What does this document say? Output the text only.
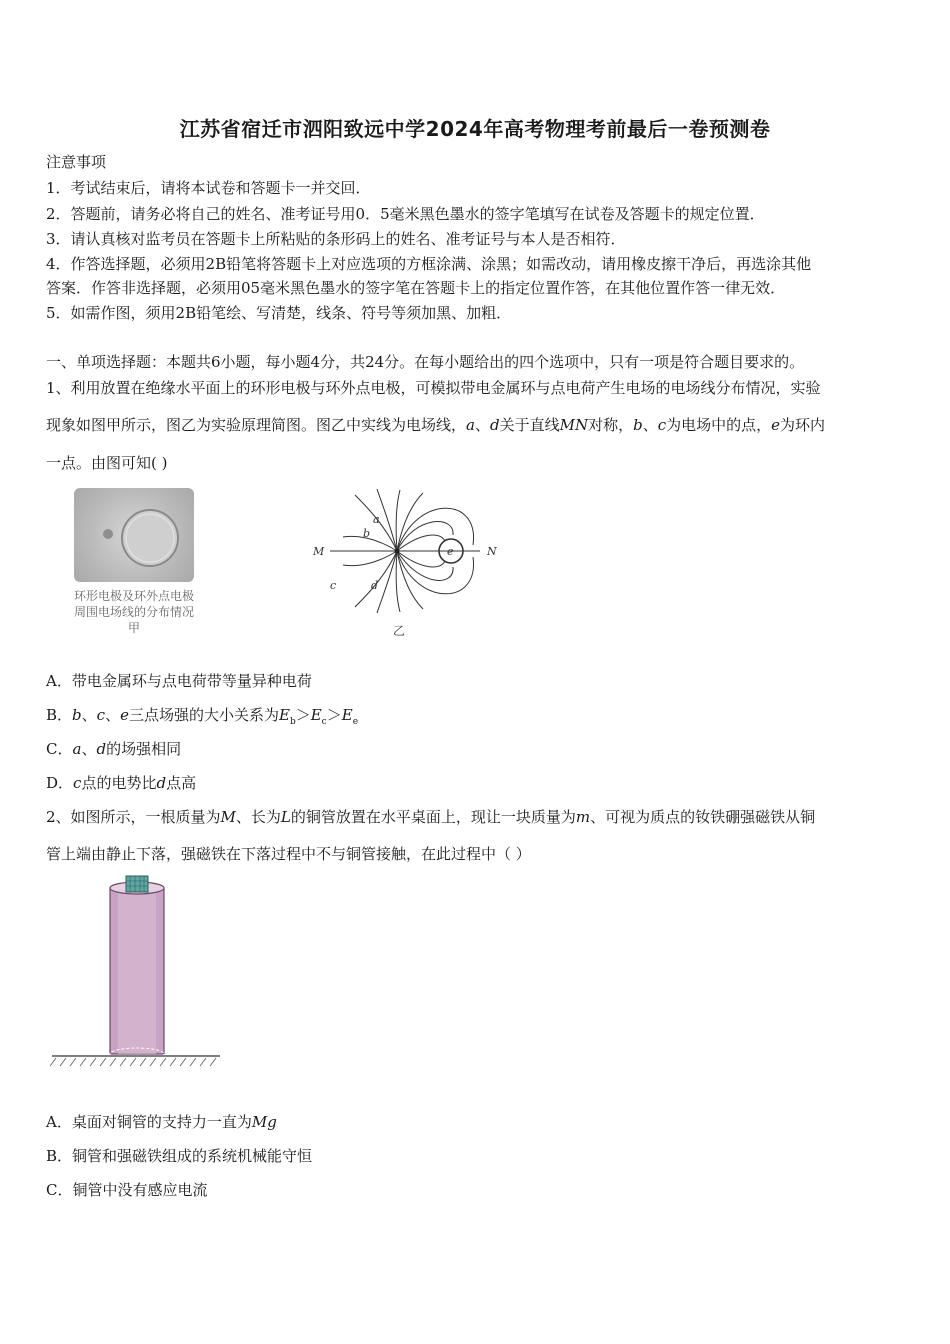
江苏省宿迁市泗阳致远中学2024年高考物理考前最后一卷预测卷
注意事项
1．考试结束后，请将本试卷和答题卡一并交回．
2．答题前，请务必将自己的姓名、准考证号用0．5毫米黑色墨水的签字笔填写在试卷及答题卡的规定位置．
3．请认真核对监考员在答题卡上所粘贴的条形码上的姓名、准考证号与本人是否相符．
4．作答选择题，必须用2B铅笔将答题卡上对应选项的方框涂满、涂黑；如需改动，请用橡皮擦干净后，再选涂其他
答案．作答非选择题，必须用05毫米黑色墨水的签字笔在答题卡上的指定位置作答，在其他位置作答一律无效．
5．如需作图，须用2B铅笔绘、写清楚，线条、符号等须加黑、加粗．
一、单项选择题：本题共6小题，每小题4分，共24分。在每小题给出的四个选项中，只有一项是符合题目要求的。
1、利用放置在绝缘水平面上的环形电极与环外点电极，可模拟带电金属环与点电荷产生电场的电场线分布情况，实验
现象如图甲所示，图乙为实验原理简图。图乙中实线为电场线，a、d关于直线MN对称，b、c为电场中的点，e为环内
一点。由图可知( )
环形电极及环外点电极
周围电场线的分布情况
甲
M	N
a
b
c	d
e
乙
A．带电金属环与点电荷带等量异种电荷
B．b、c、e三点场强的大小关系为$E_b>E_c>E_e$
C．a、d的场强相同
D．c点的电势比d点高
2、如图所示，一根质量为M、长为L的铜管放置在水平桌面上，现让一块质量为m、可视为质点的钕铁硼强磁铁从铜
管上端由静止下落，强磁铁在下落过程中不与铜管接触，在此过程中（ ）
A．桌面对铜管的支持力一直为Mg
B．铜管和强磁铁组成的系统机械能守恒
C．铜管中没有感应电流
